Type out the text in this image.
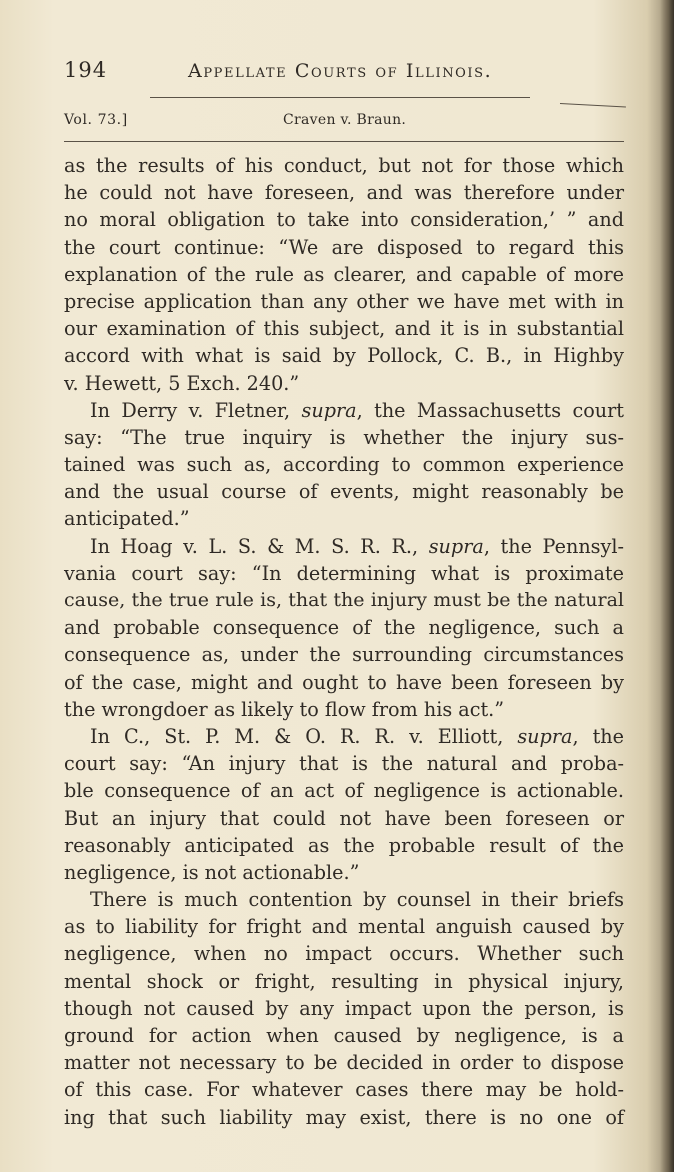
194	Appellate Courts of Illinois.
Vol. 73.]	Craven v. Braun.
as the results of his conduct, but not for those which
he could not have foreseen, and was therefore under
no moral obligation to take into consideration,’ ” and
the court continue: “We are disposed to regard this
explanation of the rule as clearer, and capable of more
precise application than any other we have met with in
our examination of this subject, and it is in substantial
accord with what is said by Pollock, C. B., in Highby
v. Hewett, 5 Exch. 240.”
In Derry v. Fletner, supra, the Massachusetts court
say: “The true inquiry is whether the injury sus-
tained was such as, according to common experience
and the usual course of events, might reasonably be
anticipated.”
In Hoag v. L. S. & M. S. R. R., supra, the Pennsyl-
vania court say: “In determining what is proximate
cause, the true rule is, that the injury must be the natural
and probable consequence of the negligence, such a
consequence as, under the surrounding circumstances
of the case, might and ought to have been foreseen by
the wrongdoer as likely to flow from his act.”
In C., St. P. M. & O. R. R. v. Elliott, supra, the
court say: “An injury that is the natural and proba-
ble consequence of an act of negligence is actionable.
But an injury that could not have been foreseen or
reasonably anticipated as the probable result of the
negligence, is not actionable.”
There is much contention by counsel in their briefs
as to liability for fright and mental anguish caused by
negligence, when no impact occurs. Whether such
mental shock or fright, resulting in physical injury,
though not caused by any impact upon the person, is
ground for action when caused by negligence, is a
matter not necessary to be decided in order to dispose
of this case. For whatever cases there may be hold-
ing that such liability may exist, there is no one of
